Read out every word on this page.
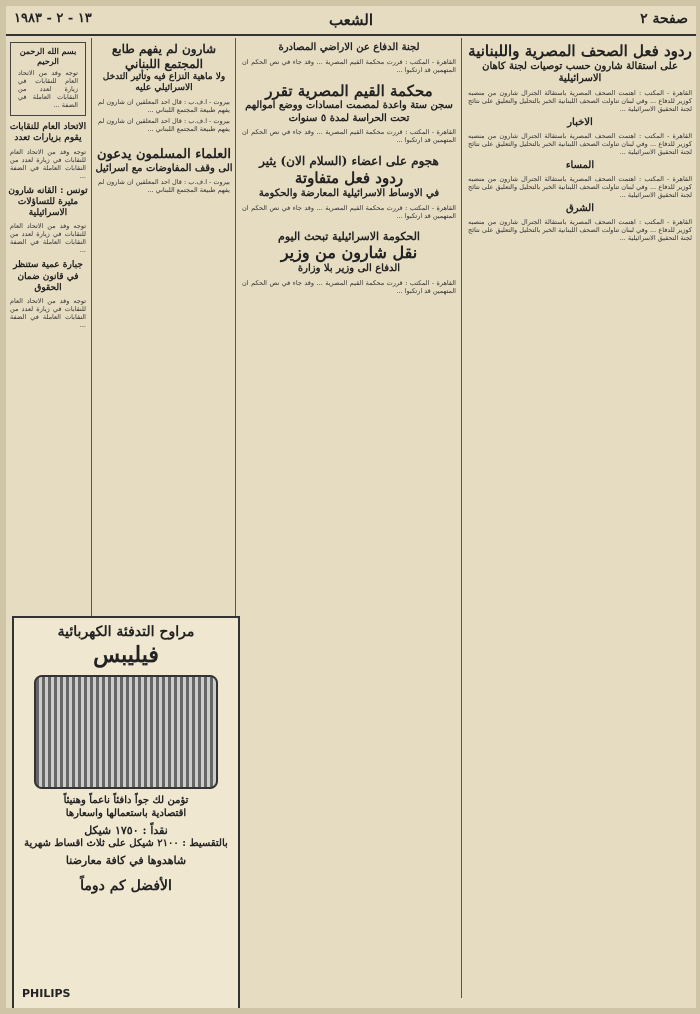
صفحة ٢
الشعب
١٣ - ٢ - ١٩٨٣
ردود فعل الصحف المصرية واللبنانية
على استقالة شارون حسب توصيات لجنة كاهان الاسرائيلية
القاهرة - المكتب : اهتمت الصحف المصرية باستقالة الجنرال شارون من منصبه كوزير للدفاع ... وفي لبنان تناولت الصحف اللبنانية الخبر بالتحليل والتعليق على نتائج لجنة التحقيق الاسرائيلية ...
الاخبار
القاهرة - المكتب : اهتمت الصحف المصرية باستقالة الجنرال شارون من منصبه كوزير للدفاع ... وفي لبنان تناولت الصحف اللبنانية الخبر بالتحليل والتعليق على نتائج لجنة التحقيق الاسرائيلية ...
المساء
القاهرة - المكتب : اهتمت الصحف المصرية باستقالة الجنرال شارون من منصبه كوزير للدفاع ... وفي لبنان تناولت الصحف اللبنانية الخبر بالتحليل والتعليق على نتائج لجنة التحقيق الاسرائيلية ...
الشرق
القاهرة - المكتب : اهتمت الصحف المصرية باستقالة الجنرال شارون من منصبه كوزير للدفاع ... وفي لبنان تناولت الصحف اللبنانية الخبر بالتحليل والتعليق على نتائج لجنة التحقيق الاسرائيلية ...
لجنة الدفاع عن الاراضي المصادرة
القاهرة - المكتب : قررت محكمة القيم المصرية ... وقد جاء في نص الحكم ان المتهمين قد ارتكبوا ...
محكمة القيم المصرية تقرر
سجن ستة واعدة لمصمت امسادات ووضع اموالهم تحت الحراسة لمدة ٥ سنوات
القاهرة - المكتب : قررت محكمة القيم المصرية ... وقد جاء في نص الحكم ان المتهمين قد ارتكبوا ...
هجوم على اعضاء (السلام الان) يثير
ردود فعل متفاوتة
في الاوساط الاسرائيلية المعارضة والحكومة
القاهرة - المكتب : قررت محكمة القيم المصرية ... وقد جاء في نص الحكم ان المتهمين قد ارتكبوا ...
الحكومة الاسرائيلية تبحث اليوم
نقل شارون من وزير
الدفاع الى وزير بلا وزارة
القاهرة - المكتب : قررت محكمة القيم المصرية ... وقد جاء في نص الحكم ان المتهمين قد ارتكبوا ...
شارون لم يفهم طابع المجتمع اللبناني
ولا ماهية النزاع فيه وتأثير التدخل الاسرائيلي عليه
بيروت - ا.ف.ب : قال احد المعلقين ان شارون لم يفهم طبيعة المجتمع اللبناني ...
بيروت - ا.ف.ب : قال احد المعلقين ان شارون لم يفهم طبيعة المجتمع اللبناني ...
العلماء المسلمون يدعون
الى وقف المفاوضات مع اسرائيل
بيروت - ا.ف.ب : قال احد المعلقين ان شارون لم يفهم طبيعة المجتمع اللبناني ...
بسم الله الرحمن الرحيم
توجه وفد من الاتحاد العام للنقابات في زيارة لعدد من النقابات العاملة في الضفة ...
الاتحاد العام للنقابات يقوم بزيارات تعدد
توجه وفد من الاتحاد العام للنقابات في زيارة لعدد من النقابات العاملة في الضفة ...
تونس : القانه شارون مثيرة للتساؤلات الاسرائيلية
توجه وفد من الاتحاد العام للنقابات في زيارة لعدد من النقابات العاملة في الضفة ...
جبارة عمية ستنظر في قانون ضمان الحقوق
توجه وفد من الاتحاد العام للنقابات في زيارة لعدد من النقابات العاملة في الضفة ...
مراوح التدفئة الكهربائية
فيليبس
تؤمن لك جواً دافئاً ناعماً وهنيئاً
اقتصادية باستعمالها واسعارها
نقداً : ١٧٥٠ شيكل
بالتقسيط : ٢١٠٠ شيكل على ثلاث اقساط شهرية
شاهدوها في كافة معارضنا
الأفضل كم دوماً
PHILIPS
